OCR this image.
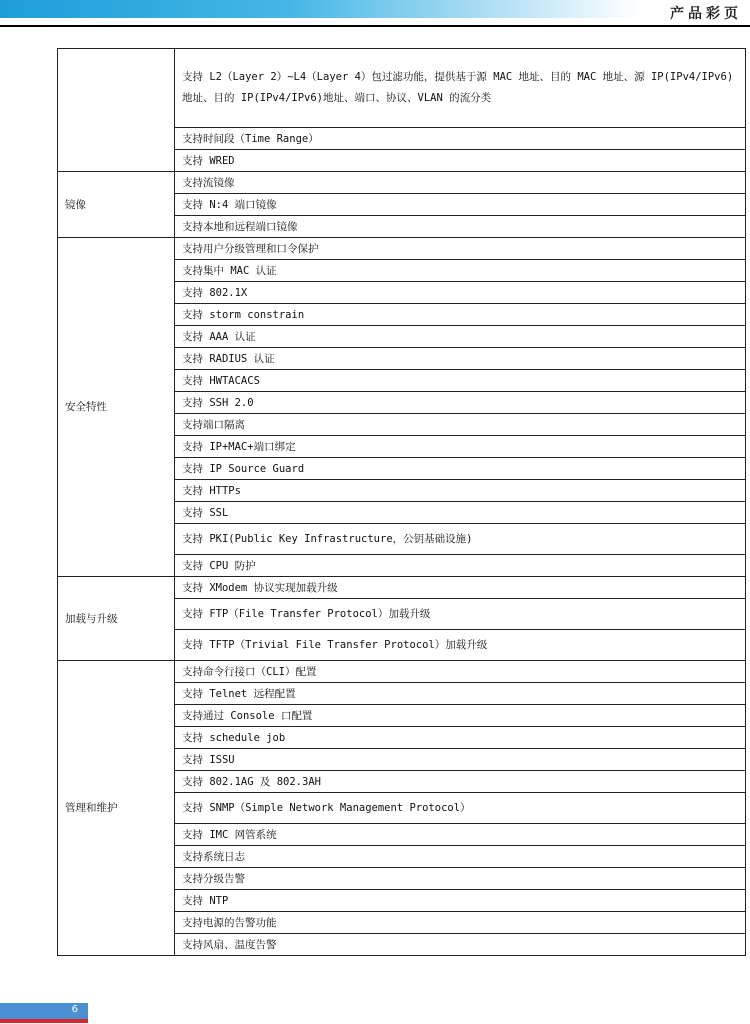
产品彩页
	支持 L2（Layer 2）~L4（Layer 4）包过滤功能，提供基于源 MAC 地址、目的 MAC 地址、源 IP(IPv4/IPv6)地址、目的 IP(IPv4/IPv6)地址、端口、协议、VLAN 的流分类
	支持时间段（Time Range）
	支持 WRED
镜像	支持流镜像
	支持 N:4 端口镜像
	支持本地和远程端口镜像
安全特性	支持用户分级管理和口令保护
	支持集中 MAC 认证
	支持 802.1X
	支持 storm constrain
	支持 AAA 认证
	支持 RADIUS 认证
	支持 HWTACACS
	支持 SSH 2.0
	支持端口隔离
	支持 IP+MAC+端口绑定
	支持 IP Source Guard
	支持 HTTPs
	支持 SSL
	支持 PKI(Public Key Infrastructure，公钥基础设施)
	支持 CPU 防护
加载与升级	支持 XModem 协议实现加载升级
	支持 FTP（File Transfer Protocol）加载升级
	支持 TFTP（Trivial File Transfer Protocol）加载升级
管理和维护	支持命令行接口（CLI）配置
	支持 Telnet 远程配置
	支持通过 Console 口配置
	支持 schedule job
	支持 ISSU
	支持 802.1AG 及 802.3AH
	支持 SNMP（Simple Network Management Protocol）
	支持 IMC 网管系统
	支持系统日志
	支持分级告警
	支持 NTP
	支持电源的告警功能
	支持风扇、温度告警
6
